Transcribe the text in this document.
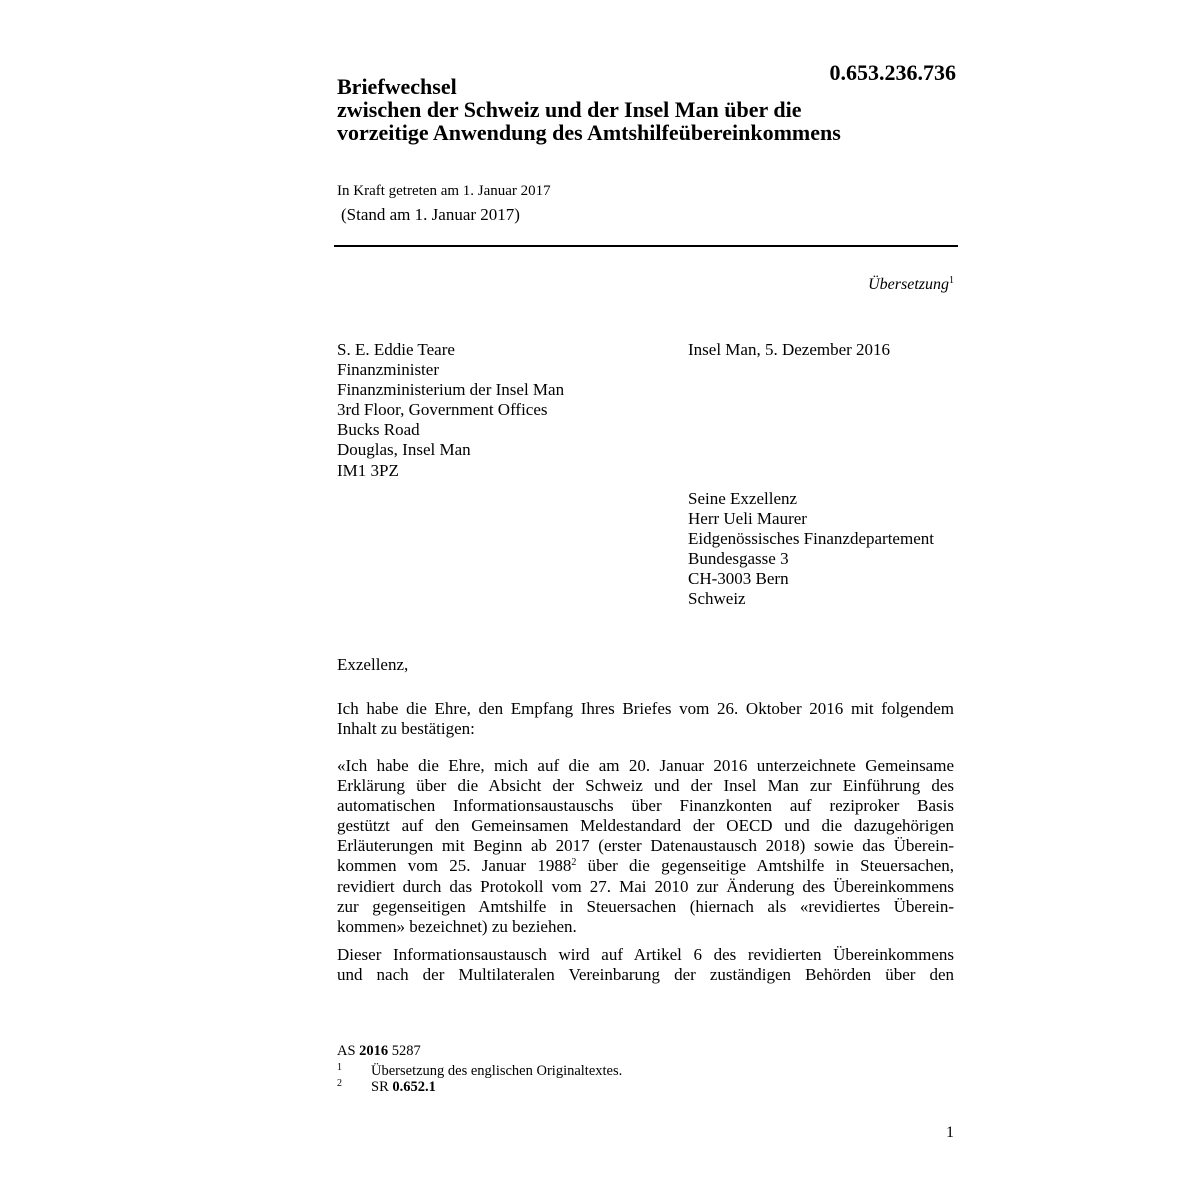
0.653.236.736
Briefwechsel
zwischen der Schweiz und der Insel Man über die
vorzeitige Anwendung des Amtshilfeübereinkommens
In Kraft getreten am 1. Januar 2017
(Stand am 1. Januar 2017)
Übersetzung$^1$
S. E. Eddie Teare
Finanzminister
Finanzministerium der Insel Man
3rd Floor, Government Offices
Bucks Road
Douglas, Insel Man
IM1 3PZ
Insel Man, 5. Dezember 2016
Seine Exzellenz
Herr Ueli Maurer
Eidgenössisches Finanzdepartement
Bundesgasse 3
CH-3003 Bern
Schweiz
Exzellenz,
Ich habe die Ehre, den Empfang Ihres Briefes vom 26. Oktober 2016 mit folgendem
Inhalt zu bestätigen:
«Ich habe die Ehre, mich auf die am 20. Januar 2016 unterzeichnete Gemeinsame
Erklärung über die Absicht der Schweiz und der Insel Man zur Einführung des
automatischen Informationsaustauschs über Finanzkonten auf reziproker Basis
gestützt auf den Gemeinsamen Meldestandard der OECD und die dazugehörigen
Erläuterungen mit Beginn ab 2017 (erster Datenaustausch 2018) sowie das Überein-
kommen vom 25. Januar 1988$^2$ über die gegenseitige Amtshilfe in Steuersachen,
revidiert durch das Protokoll vom 27. Mai 2010 zur Änderung des Übereinkommens
zur gegenseitigen Amtshilfe in Steuersachen (hiernach als «revidiertes Überein-
kommen» bezeichnet) zu beziehen.
Dieser Informationsaustausch wird auf Artikel 6 des revidierten Übereinkommens
und nach der Multilateralen Vereinbarung der zuständigen Behörden über den
AS 2016 5287
1 Übersetzung des englischen Originaltextes.
2 SR 0.652.1
1
